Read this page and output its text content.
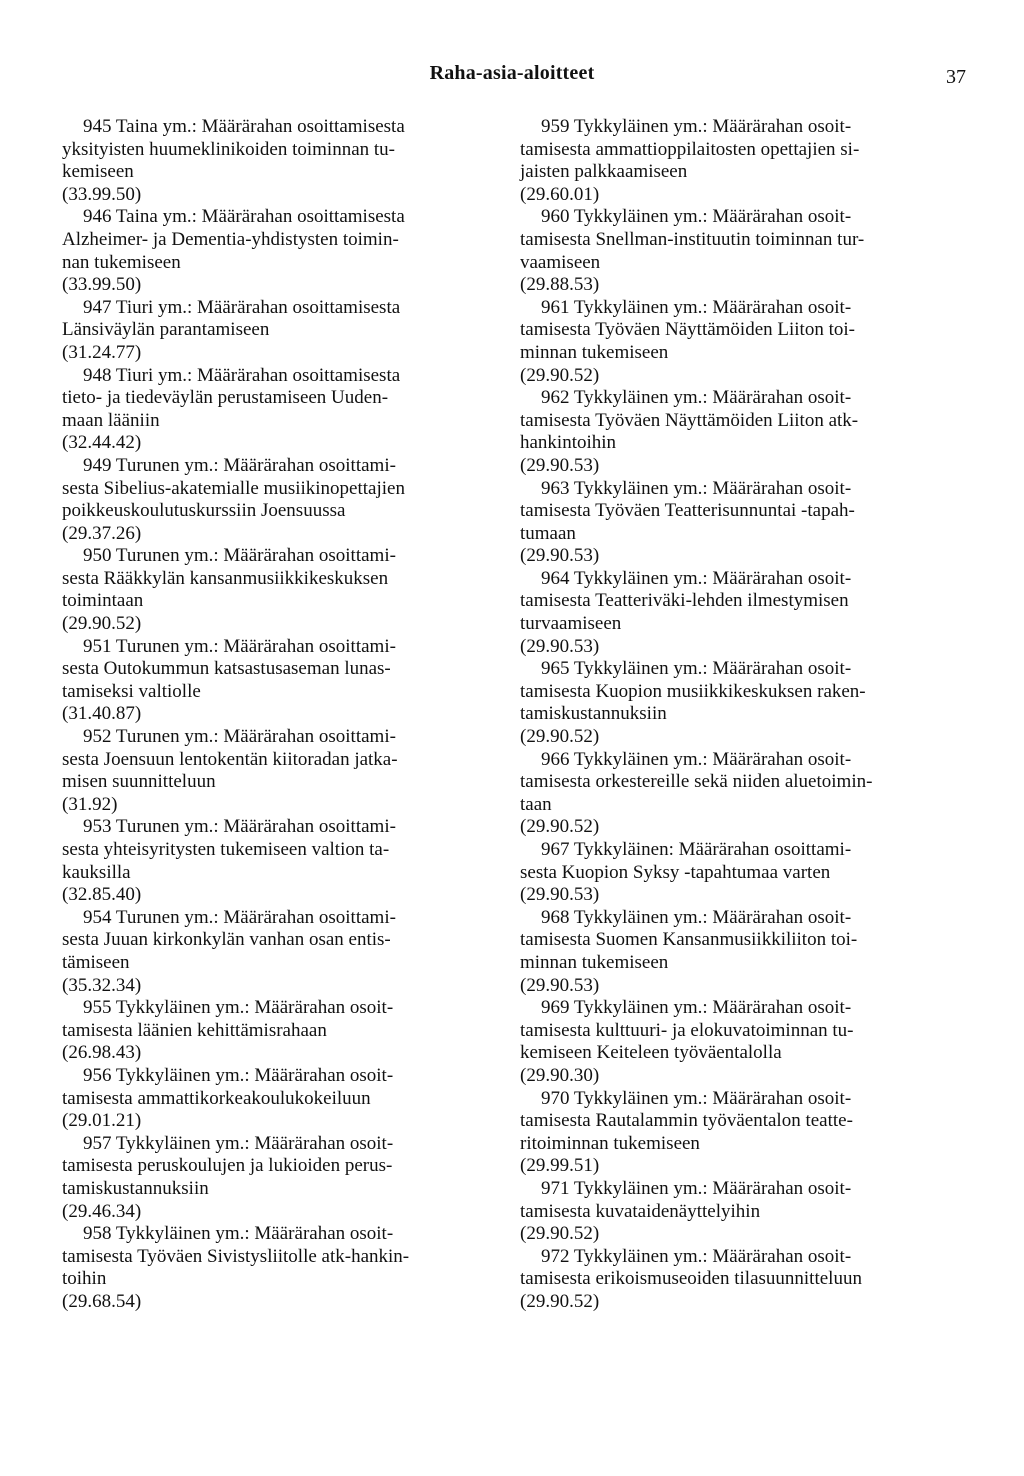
Raha-asia-aloitteet	37
945 Taina ym.: Määrärahan osoittamisesta
yksityisten huumeklinikoiden toiminnan tu-
kemiseen
(33.99.50)
946 Taina ym.: Määrärahan osoittamisesta
Alzheimer- ja Dementia-yhdistysten toimin-
nan tukemiseen
(33.99.50)
947 Tiuri ym.: Määrärahan osoittamisesta
Länsiväylän parantamiseen
(31.24.77)
948 Tiuri ym.: Määrärahan osoittamisesta
tieto- ja tiedeväylän perustamiseen Uuden-
maan lääniin
(32.44.42)
949 Turunen ym.: Määrärahan osoittami-
sesta Sibelius-akatemialle musiikinopettajien
poikkeuskoulutuskurssiin Joensuussa
(29.37.26)
950 Turunen ym.: Määrärahan osoittami-
sesta Rääkkylän kansanmusiikkikeskuksen
toimintaan
(29.90.52)
951 Turunen ym.: Määrärahan osoittami-
sesta Outokummun katsastusaseman lunas-
tamiseksi valtiolle
(31.40.87)
952 Turunen ym.: Määrärahan osoittami-
sesta Joensuun lentokentän kiitoradan jatka-
misen suunnitteluun
(31.92)
953 Turunen ym.: Määrärahan osoittami-
sesta yhteisyritysten tukemiseen valtion ta-
kauksilla
(32.85.40)
954 Turunen ym.: Määrärahan osoittami-
sesta Juuan kirkonkylän vanhan osan entis-
tämiseen
(35.32.34)
955 Tykkyläinen ym.: Määrärahan osoit-
tamisesta läänien kehittämisrahaan
(26.98.43)
956 Tykkyläinen ym.: Määrärahan osoit-
tamisesta ammattikorkeakoulukokeiluun
(29.01.21)
957 Tykkyläinen ym.: Määrärahan osoit-
tamisesta peruskoulujen ja lukioiden perus-
tamiskustannuksiin
(29.46.34)
958 Tykkyläinen ym.: Määrärahan osoit-
tamisesta Työväen Sivistysliitolle atk-hankin-
toihin
(29.68.54)
959 Tykkyläinen ym.: Määrärahan osoit-
tamisesta ammattioppilaitosten opettajien si-
jaisten palkkaamiseen
(29.60.01)
960 Tykkyläinen ym.: Määrärahan osoit-
tamisesta Snellman-instituutin toiminnan tur-
vaamiseen
(29.88.53)
961 Tykkyläinen ym.: Määrärahan osoit-
tamisesta Työväen Näyttämöiden Liiton toi-
minnan tukemiseen
(29.90.52)
962 Tykkyläinen ym.: Määrärahan osoit-
tamisesta Työväen Näyttämöiden Liiton atk-
hankintoihin
(29.90.53)
963 Tykkyläinen ym.: Määrärahan osoit-
tamisesta Työväen Teatterisunnuntai -tapah-
tumaan
(29.90.53)
964 Tykkyläinen ym.: Määrärahan osoit-
tamisesta Teatteriväki-lehden ilmestymisen
turvaamiseen
(29.90.53)
965 Tykkyläinen ym.: Määrärahan osoit-
tamisesta Kuopion musiikkikeskuksen raken-
tamiskustannuksiin
(29.90.52)
966 Tykkyläinen ym.: Määrärahan osoit-
tamisesta orkestereille sekä niiden aluetoimin-
taan
(29.90.52)
967 Tykkyläinen: Määrärahan osoittami-
sesta Kuopion Syksy -tapahtumaa varten
(29.90.53)
968 Tykkyläinen ym.: Määrärahan osoit-
tamisesta Suomen Kansanmusiikkiliiton toi-
minnan tukemiseen
(29.90.53)
969 Tykkyläinen ym.: Määrärahan osoit-
tamisesta kulttuuri- ja elokuvatoiminnan tu-
kemiseen Keiteleen työväentalolla
(29.90.30)
970 Tykkyläinen ym.: Määrärahan osoit-
tamisesta Rautalammin työväentalon teatte-
ritoiminnan tukemiseen
(29.99.51)
971 Tykkyläinen ym.: Määrärahan osoit-
tamisesta kuvataidenäyttelyihin
(29.90.52)
972 Tykkyläinen ym.: Määrärahan osoit-
tamisesta erikoismuseoiden tilasuunnitteluun
(29.90.52)
